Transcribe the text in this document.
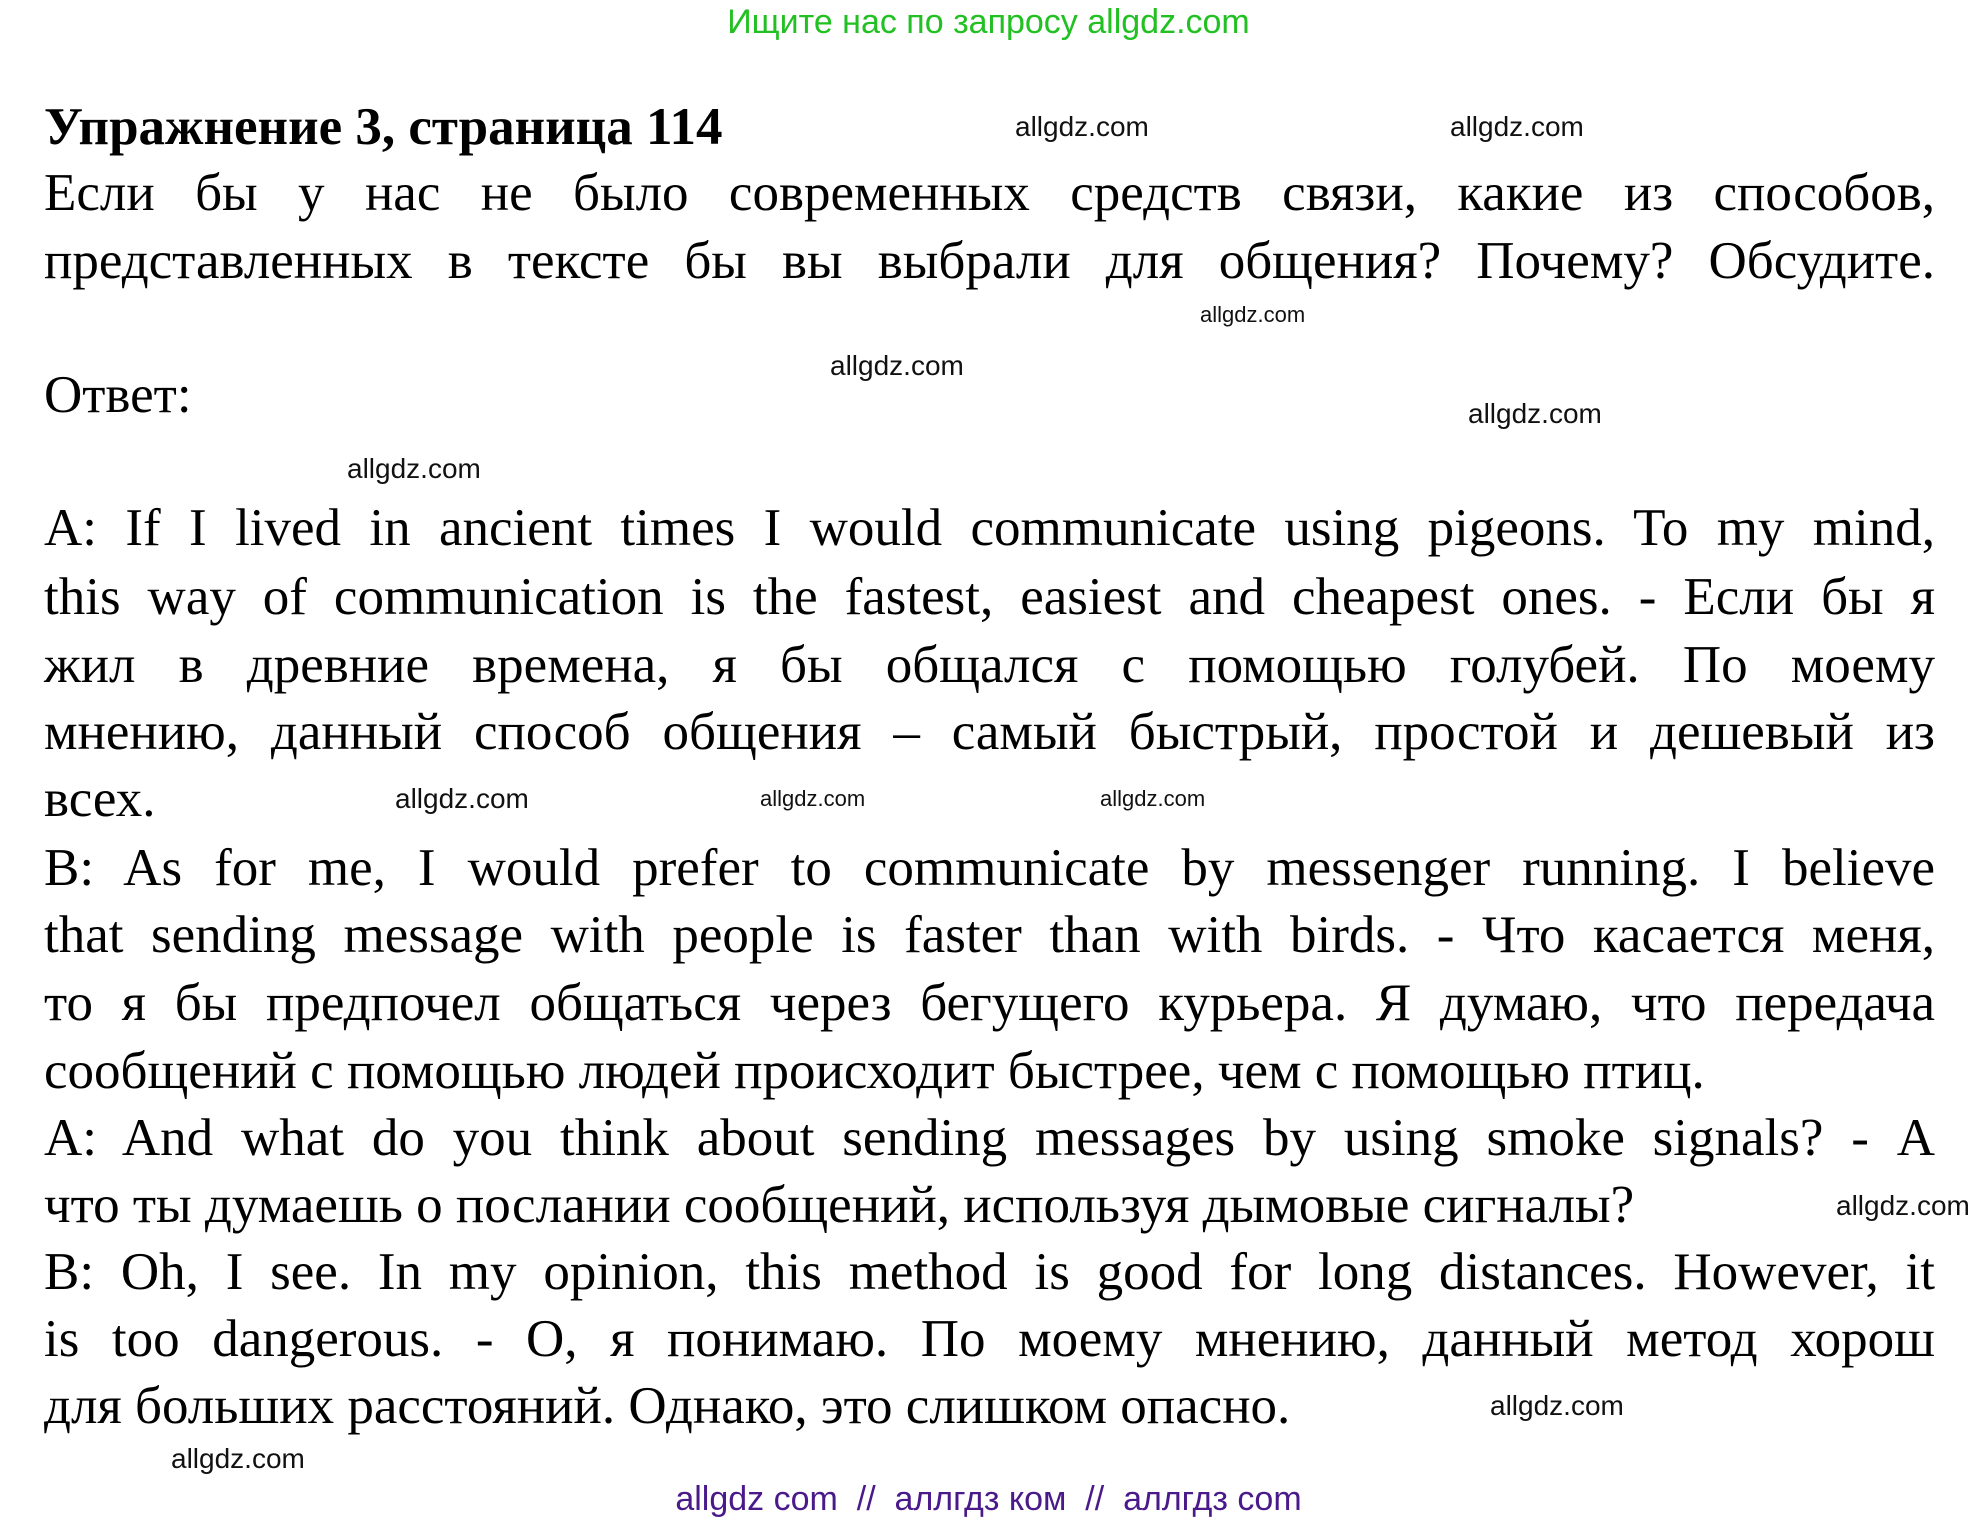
Ищите нас по запросу allgdz.com
Упражнение 3, страница 114
Если бы у нас не было современных средств связи, какие из способов,
представленных в тексте бы вы выбрали для общения? Почему? Обсудите.
Ответ:
A: If I lived in ancient times I would communicate using pigeons. To my mind,
this way of communication is the fastest, easiest and cheapest ones. - Если бы я
жил в древние времена, я бы общался с помощью голубей. По моему
мнению, данный способ общения – самый быстрый, простой и дешевый из
всех.
B: As for me, I would prefer to communicate by messenger running. I believe
that sending message with people is faster than with birds. - Что касается меня,
то я бы предпочел общаться через бегущего курьера. Я думаю, что передача
сообщений с помощью людей происходит быстрее, чем с помощью птиц.
A: And what do you think about sending messages by using smoke signals? - А
что ты думаешь о послании сообщений, используя дымовые сигналы?
B: Oh, I see. In my opinion, this method is good for long distances. However, it
is too dangerous. - О, я понимаю. По моему мнению, данный метод хорош
для больших расстояний. Однако, это слишком опасно.
allgdz.com	allgdz.com
allgdz.com
allgdz.com
allgdz.com
allgdz.com
allgdz.com	allgdz.com	allgdz.com
allgdz.com
allgdz.com
allgdz.com
allgdz com  //  аллгдз ком  //  аллгдз com
